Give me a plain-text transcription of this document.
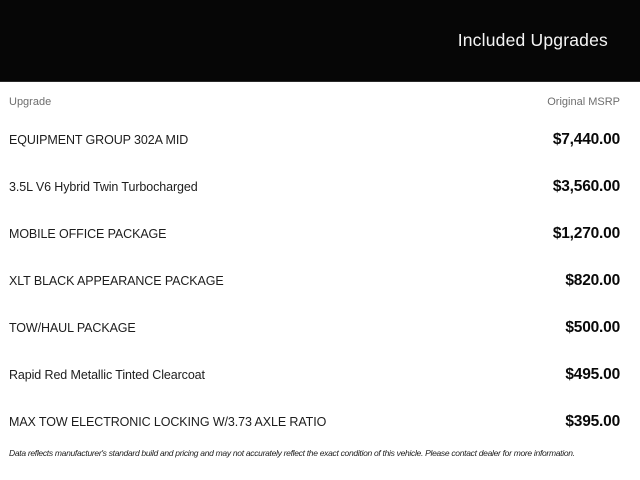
Included Upgrades
Upgrade	Original MSRP
EQUIPMENT GROUP 302A MID	$7,440.00
3.5L V6 Hybrid Twin Turbocharged	$3,560.00
MOBILE OFFICE PACKAGE	$1,270.00
XLT BLACK APPEARANCE PACKAGE	$820.00
TOW/HAUL PACKAGE	$500.00
Rapid Red Metallic Tinted Clearcoat	$495.00
MAX TOW ELECTRONIC LOCKING W/3.73 AXLE RATIO	$395.00

Data reflects manufacturer's standard build and pricing and may not accurately reflect the exact condition of this vehicle. Please contact dealer for more information.
